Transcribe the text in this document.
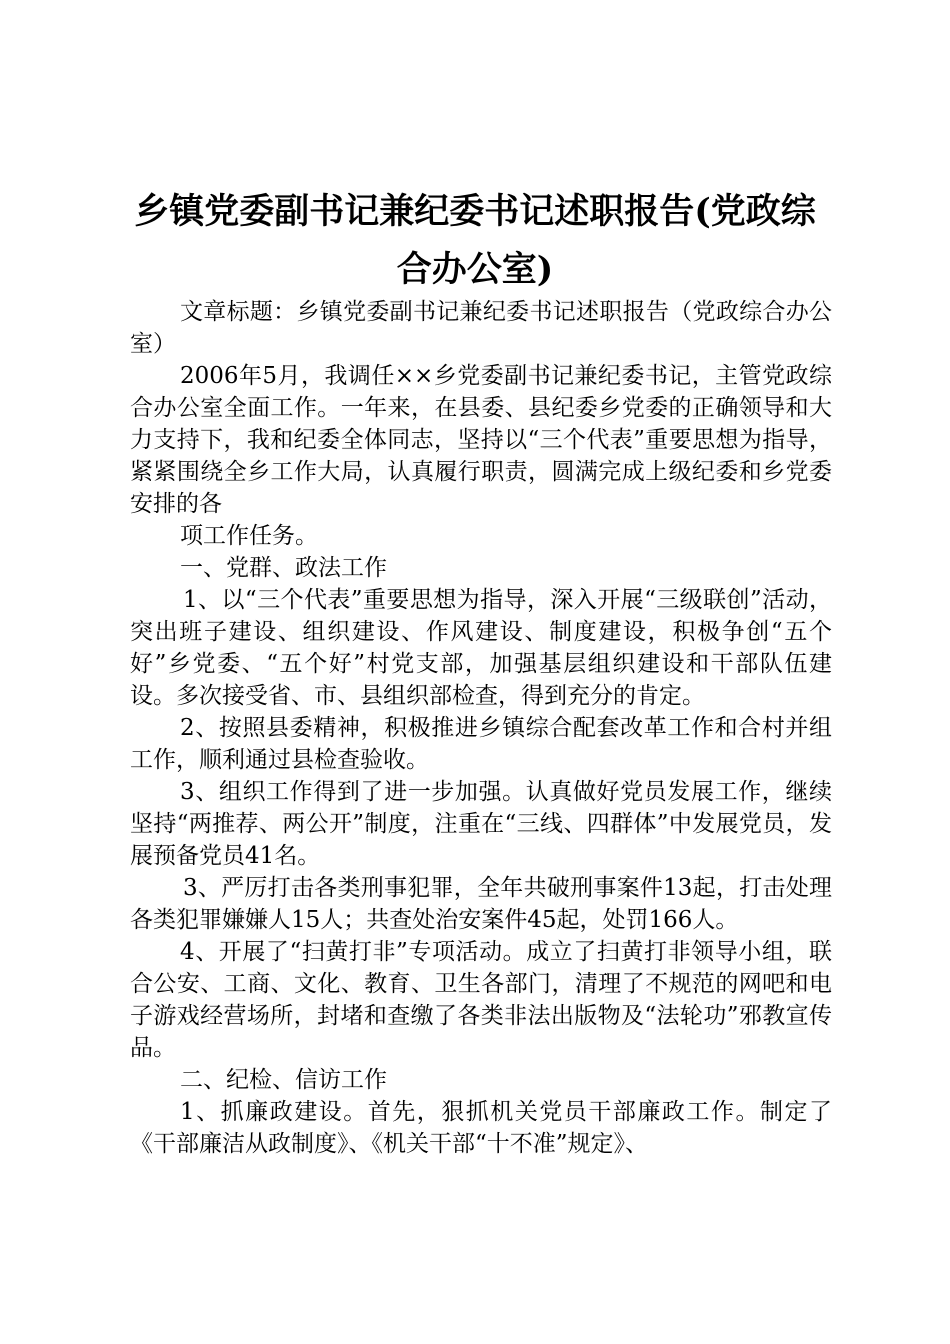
乡镇党委副书记兼纪委书记述职报告(党政综合办公室)

文章标题：乡镇党委副书记兼纪委书记述职报告（党政综合办公室）

2006年5月，我调任××乡党委副书记兼纪委书记，主管党政综合办公室全面工作。一年来，在县委、县纪委乡党委的正确领导和大力支持下，我和纪委全体同志，坚持以“三个代表”重要思想为指导，紧紧围绕全乡工作大局，认真履行职责，圆满完成上级纪委和乡党委安排的各

项工作任务。

一、党群、政法工作

1、以“三个代表”重要思想为指导，深入开展“三级联创”活动，突出班子建设、组织建设、作风建设、制度建设，积极争创“五个好”乡党委、“五个好”村党支部，加强基层组织建设和干部队伍建设。多次接受省、市、县组织部检查，得到充分的肯定。

2、按照县委精神，积极推进乡镇综合配套改革工作和合村并组工作，顺利通过县检查验收。

3、组织工作得到了进一步加强。认真做好党员发展工作，继续坚持“两推荐、两公开”制度，注重在“三线、四群体”中发展党员，发展预备党员41名。

3、严厉打击各类刑事犯罪，全年共破刑事案件13起，打击处理各类犯罪嫌嫌人15人；共查处治安案件45起，处罚166人。

4、开展了“扫黄打非”专项活动。成立了扫黄打非领导小组，联合公安、工商、文化、教育、卫生各部门，清理了不规范的网吧和电子游戏经营场所，封堵和查缴了各类非法出版物及“法轮功”邪教宣传品。

二、纪检、信访工作

1、抓廉政建设。首先，狠抓机关党员干部廉政工作。制定了《干部廉洁从政制度》、《机关干部“十不准”规定》、
